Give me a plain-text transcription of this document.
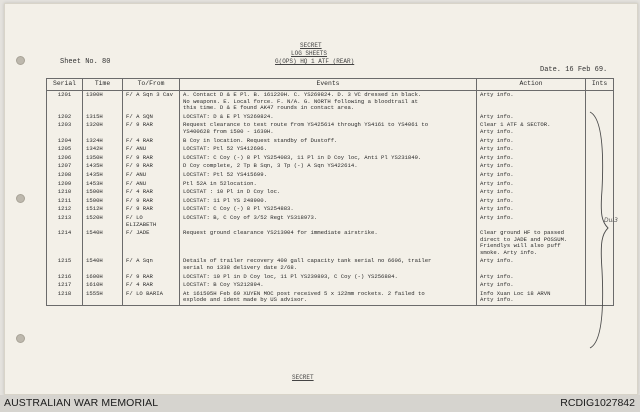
SECRET
LOG SHEETS
G(OPS) HQ 1 ATF (REAR)
Sheet No. 80
Date. 16 Feb 69.
Serial	Time	To/From	Events	Action	Ints
1201	1300H	F/ A Sqn 3 Cav	A. Contact D & E Pl. B. 161220H. C. YS269824. D. 3 VC dressed in black.
No weapons. E. Local force. F. N/A. G. NORTH following a bloodtrail at
this time. D & E found AK47 rounds in contact area.	Arty info.	
1202	1315H	F/ A SQN	LOCSTAT: D & E Pl YS269824.	Arty info.	
1203	1320H	F/ 9 RAR	Request clearance to test route from YS425614 through YS4161 to YS4061 to
YS400628 from 1500 - 1630H.	Clear 1 ATF & SECTOR.
Arty info.	
1204	1324H	F/ 4 RAR	B Coy in location. Request standby of Dustoff.	Arty info.	
1205	1342H	F/ ANU	LOCSTAT: Ptl 52 YS412696.	Arty info.	
1206	1350H	F/ 9 RAR	LOCSTAT: C Coy (-) 8 Pl YS254083, 11 Pl in D Coy loc, Anti Pl YS231849.	Arty info.	
1207	1435H	F/ 9 RAR	D Coy complete, 2 Tp B Sqn, 3 Tp (-) A Sqn YS422614.	Arty info.	
1208	1435H	F/ ANU	LOCSTAT: Ptl 52 YS415699.	Arty info.	
1209	1453H	F/ ANU	Ptl 52A in 52location.	Arty info.	
1210	1500H	F/ 4 RAR	LOCSTAT : 10 Pl in D Coy loc.	Arty info.	
1211	1500H	F/ 9 RAR	LOCSTAT: 11 Pl YS 248900.	Arty info.	
1212	1512H	F/ 9 RAR	LOCSTAT: C Coy (-) 8 Pl YS254883.	Arty info.	
1213	1520H	F/ LO ELIZABETH	LOCSTAT: B, C Coy of 3/52 Regt YS318973.	Arty info.	
1214	1540H	F/ JADE	Request ground clearance YS213904 for immediate airstrike.	Clear ground HF to passed
direct to JADE and POSSUM.
Friendlys will also puff
smoke. Arty info.	
1215	1540H	F/ A Sqn	Details of trailer recovery 400 gall capacity tank serial no 6606, trailer
serial no 1338 delivery date 2/68.	Arty info.	
1216	1600H	F/ 9 RAR	LOCSTAT: 10 Pl in D Coy loc, 11 Pl YS239893, C Coy (-) YS256884.	Arty info.	
1217	1610H	F/ 4 RAR	LOCSTAT: B Coy YS212894.	Arty info.	
1218	1555H	F/ LO BARIA	At 161505H Feb 69 XUYEN MOC post received 5 x 122mm rockets. 2 failed to
explode and ident made by US advisor.	Info Xuan Loc 18 ARVN
Arty info.	
Dul3
SECRET
AUSTRALIAN WAR MEMORIAL	RCDIG1027842
